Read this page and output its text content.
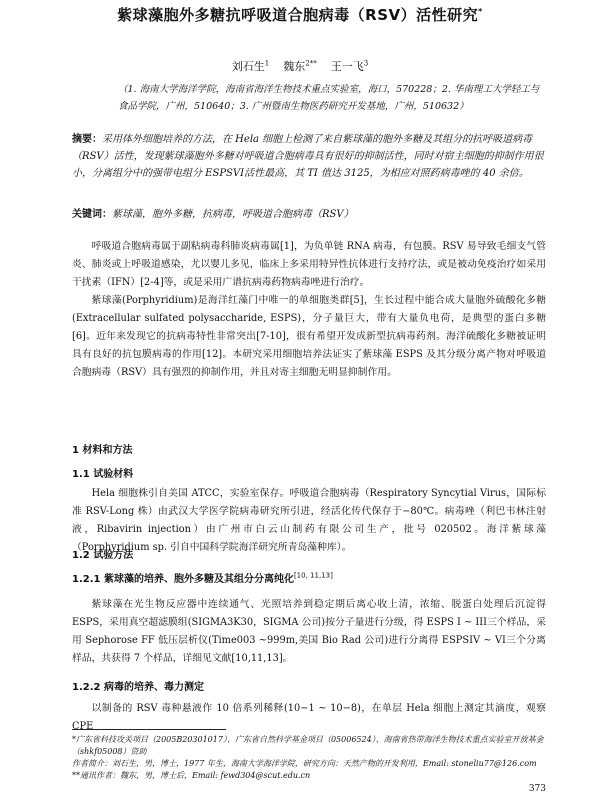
紫球藻胞外多糖抗呼吸道合胞病毒（RSV）活性研究*
刘石生$^1$ 魏东$^{2**}$ 王一飞$^3$
（1. 海南大学海洋学院，海南省海洋生物技术重点实验室，海口，570228；2. 华南理工大学轻工与食品学院，广州，510640；3. 广州暨南生物医药研究开发基地，广州，510632）
摘要：采用体外细胞培养的方法，在 Hela 细胞上检测了来自紫球藻的胞外多糖及其组分的抗呼吸道病毒（RSV）活性，发现紫球藻胞外多糖对呼吸道合胞病毒具有很好的抑制活性，同时对宿主细胞的抑制作用很小，分离组分中的强带电组分 ESPSVI活性最高，其 TI 值达 3125，为相应对照药病毒唑的 40 余倍。
关键词：紫球藻，胞外多糖，抗病毒，呼吸道合胞病毒（RSV）

呼吸道合胞病毒属于副粘病毒科肺炎病毒属[1]，为负单链 RNA 病毒，有包膜。RSV 易导致毛细支气管炎、肺炎或上呼吸道感染，尤以婴儿多见，临床上多采用特异性抗体进行支持疗法，或是被动免疫治疗如采用干扰素（IFN）[2-4]等，或是采用广谱抗病毒药物病毒唑进行治疗。

紫球藻(Porphyridium)是海洋红藻门中唯一的单细胞类群[5]，生长过程中能合成大量胞外硫酸化多糖(Extracellular sulfated polysaccharide, ESPS)，分子量巨大，带有大量负电荷，是典型的蛋白多糖[6]。近年来发现它的抗病毒特性非常突出[7-10]，很有希望开发成新型抗病毒药剂。海洋硫酸化多糖被证明具有良好的抗包膜病毒的作用[12]。本研究采用细胞培养法证实了紫球藻 ESPS 及其分级分离产物对呼吸道合胞病毒（RSV）具有强烈的抑制作用，并且对寄主细胞无明显抑制作用。

1 材料和方法
1.1 试验材料

Hela 细胞株引自美国 ATCC，实验室保存。呼吸道合胞病毒（Respiratory Syncytial Virus，国际标准 RSV-Long 株）由武汉大学医学院病毒研究所引进，经活化传代保存于−80℃。病毒唑（利巴韦林注射液，Ribavirin injection）由广州市白云山制药有限公司生产，批号 020502。海洋紫球藻（Porphyridium sp. 引自中国科学院海洋研究所青岛藻种库）。

1.2 试验方法
1.2.1 紫球藻的培养、胞外多糖及其组分分离纯化[10, 11,13]

紫球藻在光生物反应器中连续通气、光照培养到稳定期后离心收上清，浓缩、脱蛋白处理后沉淀得 ESPS，采用真空超滤膜组(SIGMA3K30，SIGMA 公司)按分子量进行分级，得 ESPS I ~ III三个样品，采用 Sephorose FF 低压层析仪(Time003 ~999m,美国 Bio Rad 公司)进行分离得 ESPSIV ~ VI三个分离样品，共获得 7 个样品，详细见文献[10,11,13]。

1.2.2 病毒的培养、毒力测定

以制备的 RSV 毒种悬液作 10 倍系列稀释(10−1 ~ 10−8)，在单层 Hela 细胞上测定其滴度，观察 CPE

*广东省科技攻关项目（2005B20301017）、广东省自然科学基金项目（05006524）、海南省热带海洋生物技术重点实验室开放基金（shkf05008）资助
作者简介：刘石生，男，博士，1977 年生，海南大学海洋学院，研究方向：天然产物的开发利用，Email: stoneliu77@126.com
**通讯作者：魏东，男，博士后，Email: fewd304@scut.edu.cn
373
